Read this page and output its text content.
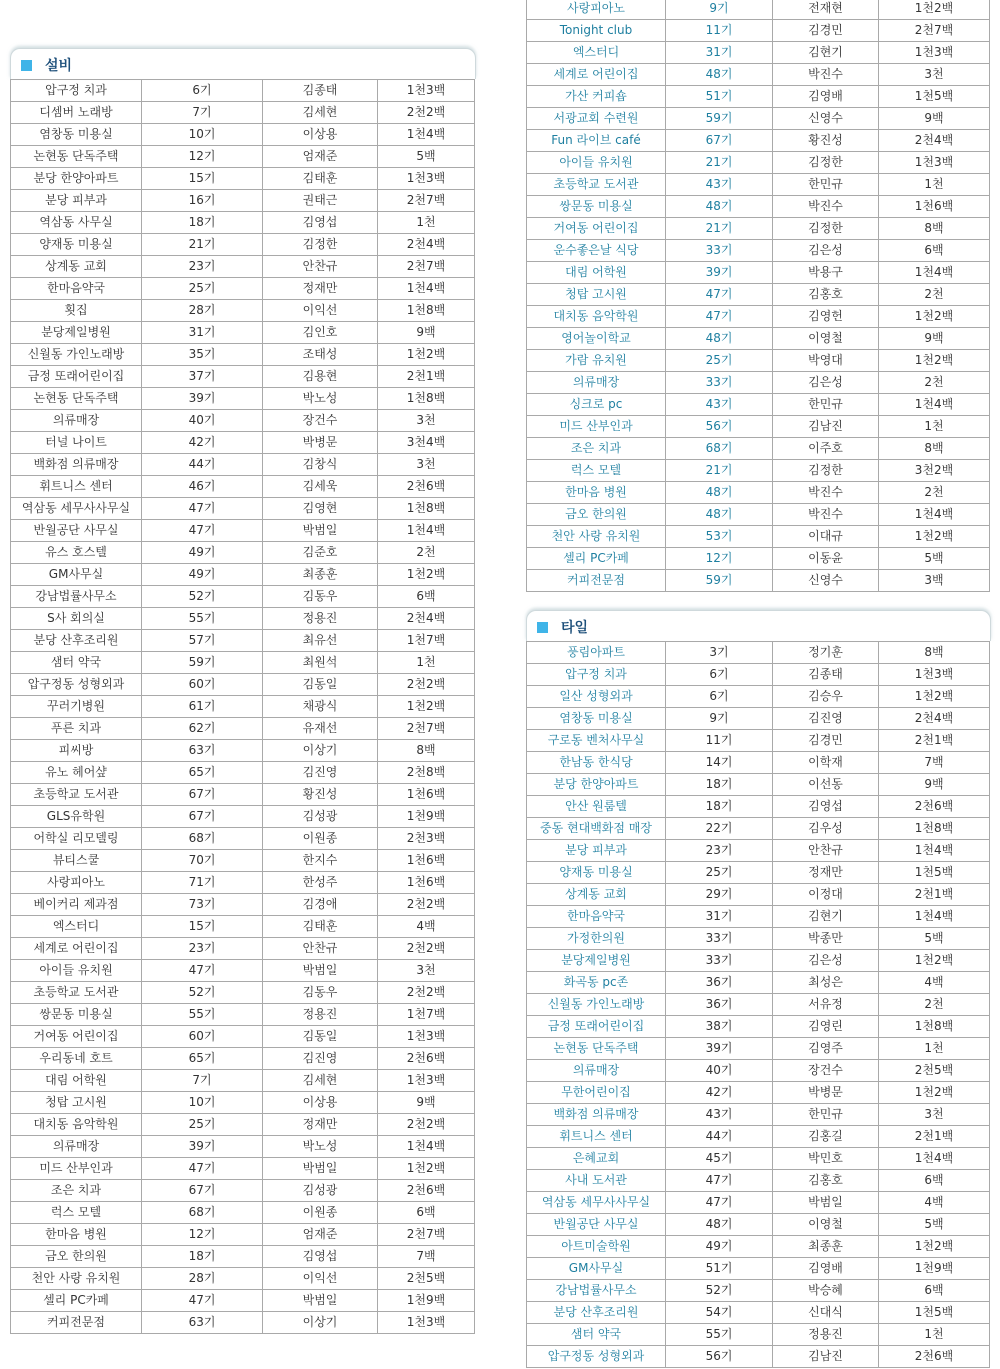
설비
압구정 치과	6기	김종태	1천3백
디셈버 노래방	7기	김세현	2천2백
염창동 미용실	10기	이상용	1천4백
논현동 단독주택	12기	엄재준	5백
분당 한양아파트	15기	김태훈	1천3백
분당 피부과	16기	권태근	2천7백
역삼동 사무실	18기	김영섭	1천
양재동 미용실	21기	김정한	2천4백
상계동 교회	23기	안찬규	2천7백
한마음약국	25기	정재만	1천4백
횟집	28기	이익선	1천8백
분당제일병원	31기	김인호	9백
신월동 가인노래방	35기	조태성	1천2백
금정 또래어린이집	37기	김용현	2천1백
논현동 단독주택	39기	박노성	1천8백
의류매장	40기	장건수	3천
터널 나이트	42기	박병문	3천4백
백화점 의류매장	44기	김창식	3천
휘트니스 센터	46기	김세욱	2천6백
역삼동 세무사사무실	47기	김영현	1천8백
반월공단 사무실	47기	박범일	1천4백
유스 호스텔	49기	김준호	2천
GM사무실	49기	최종훈	1천2백
강남법률사무소	52기	김동우	6백
S사 회의실	55기	정용진	2천4백
분당 산후조리원	57기	최유선	1천7백
샘터 약국	59기	최원석	1천
압구정동 성형외과	60기	김동일	2천2백
꾸러기병원	61기	채광식	1천2백
푸른 치과	62기	유재선	2천7백
피씨방	63기	이상기	8백
유노 헤어샾	65기	김진영	2천8백
초등학교 도서관	67기	황진성	1천6백
GLS유학원	67기	김성광	1천9백
어학실 리모델링	68기	이원종	2천3백
뷰티스쿨	70기	한지수	1천6백
사랑피아노	71기	한성주	1천6백
베이커리 제과점	73기	김경애	2천2백
엑스터디	15기	김태훈	4백
세계로 어린이집	23기	안찬규	2천2백
아이들 유치원	47기	박범일	3천
초등학교 도서관	52기	김동우	2천2백
쌍문동 미용실	55기	정용진	1천7백
거여동 어린이집	60기	김동일	1천3백
우리동네 호트	65기	김진영	2천6백
대림 어학원	7기	김세현	1천3백
청탑 고시원	10기	이상용	9백
대치동 음악학원	25기	정재만	2천2백
의류매장	39기	박노성	1천4백
미드 산부인과	47기	박범일	1천2백
조은 치과	67기	김성광	2천6백
럭스 모텔	68기	이원종	6백
한마음 병원	12기	엄재준	2천7백
금오 한의원	18기	김영섭	7백
천안 사랑 유치원	28기	이익선	2천5백
셀리 PC카페	47기	박범일	1천9백
커피전문점	63기	이상기	1천3백
사랑피아노	9기	전재현	1천2백
Tonight club	11기	김경민	2천7백
엑스터디	31기	김현기	1천3백
세계로 어린이집	48기	박진수	3천
가산 커피숍	51기	김영배	1천5백
서광교회 수련원	59기	신영수	9백
Fun 라이브 café	67기	황진성	2천4백
아이들 유치원	21기	김정한	1천3백
초등학교 도서관	43기	한민규	1천
쌍문동 미용실	48기	박진수	1천6백
거여동 어린이집	21기	김정한	8백
운수좋은날 식당	33기	김은성	6백
대림 어학원	39기	박용구	1천4백
청탑 고시원	47기	김홍호	2천
대치동 음악학원	47기	김영헌	1천2백
영어놀이학교	48기	이영철	9백
가람 유치원	25기	박영대	1천2백
의류매장	33기	김은성	2천
싱크로 pc	43기	한민규	1천4백
미드 산부인과	56기	김남진	1천
조은 치과	68기	이주호	8백
럭스 모텔	21기	김정한	3천2백
한마음 병원	48기	박진수	2천
금오 한의원	48기	박진수	1천4백
천안 사랑 유치원	53기	이대규	1천2백
셀리 PC카페	12기	이동윤	5백
커피전문점	59기	신영수	3백
타일
풍림아파트	3기	정기훈	8백
압구정 치과	6기	김종태	1천3백
일산 성형외과	6기	김승우	1천2백
염창동 미용실	9기	김진영	2천4백
구로동 벤처사무실	11기	김경민	2천1백
한남동 한식당	14기	이학재	7백
분당 한양아파트	18기	이선동	9백
안산 원룸텔	18기	김영섭	2천6백
중동 현대백화점 매장	22기	김우성	1천8백
분당 피부과	23기	안찬규	1천4백
양재동 미용실	25기	정재만	1천5백
상계동 교회	29기	이정대	2천1백
한마음약국	31기	김현기	1천4백
가정한의원	33기	박종만	5백
분당제일병원	33기	김은성	1천2백
화곡동 pc존	36기	최성은	4백
신월동 가인노래방	36기	서유정	2천
금정 또래어린이집	38기	김영린	1천8백
논현동 단독주택	39기	김영주	1천
의류매장	40기	장건수	2천5백
무한어린이집	42기	박병문	1천2백
백화점 의류매장	43기	한민규	3천
휘트니스 센터	44기	김홍길	2천1백
은혜교회	45기	박민호	1천4백
사내 도서관	47기	김홍호	6백
역삼동 세무사사무실	47기	박범일	4백
반월공단 사무실	48기	이영철	5백
아트미술학원	49기	최종훈	1천2백
GM사무실	51기	김영배	1천9백
강남법률사무소	52기	박승혜	6백
분당 산후조리원	54기	신대식	1천5백
샘터 약국	55기	정용진	1천
압구정동 성형외과	56기	김남진	2천6백
